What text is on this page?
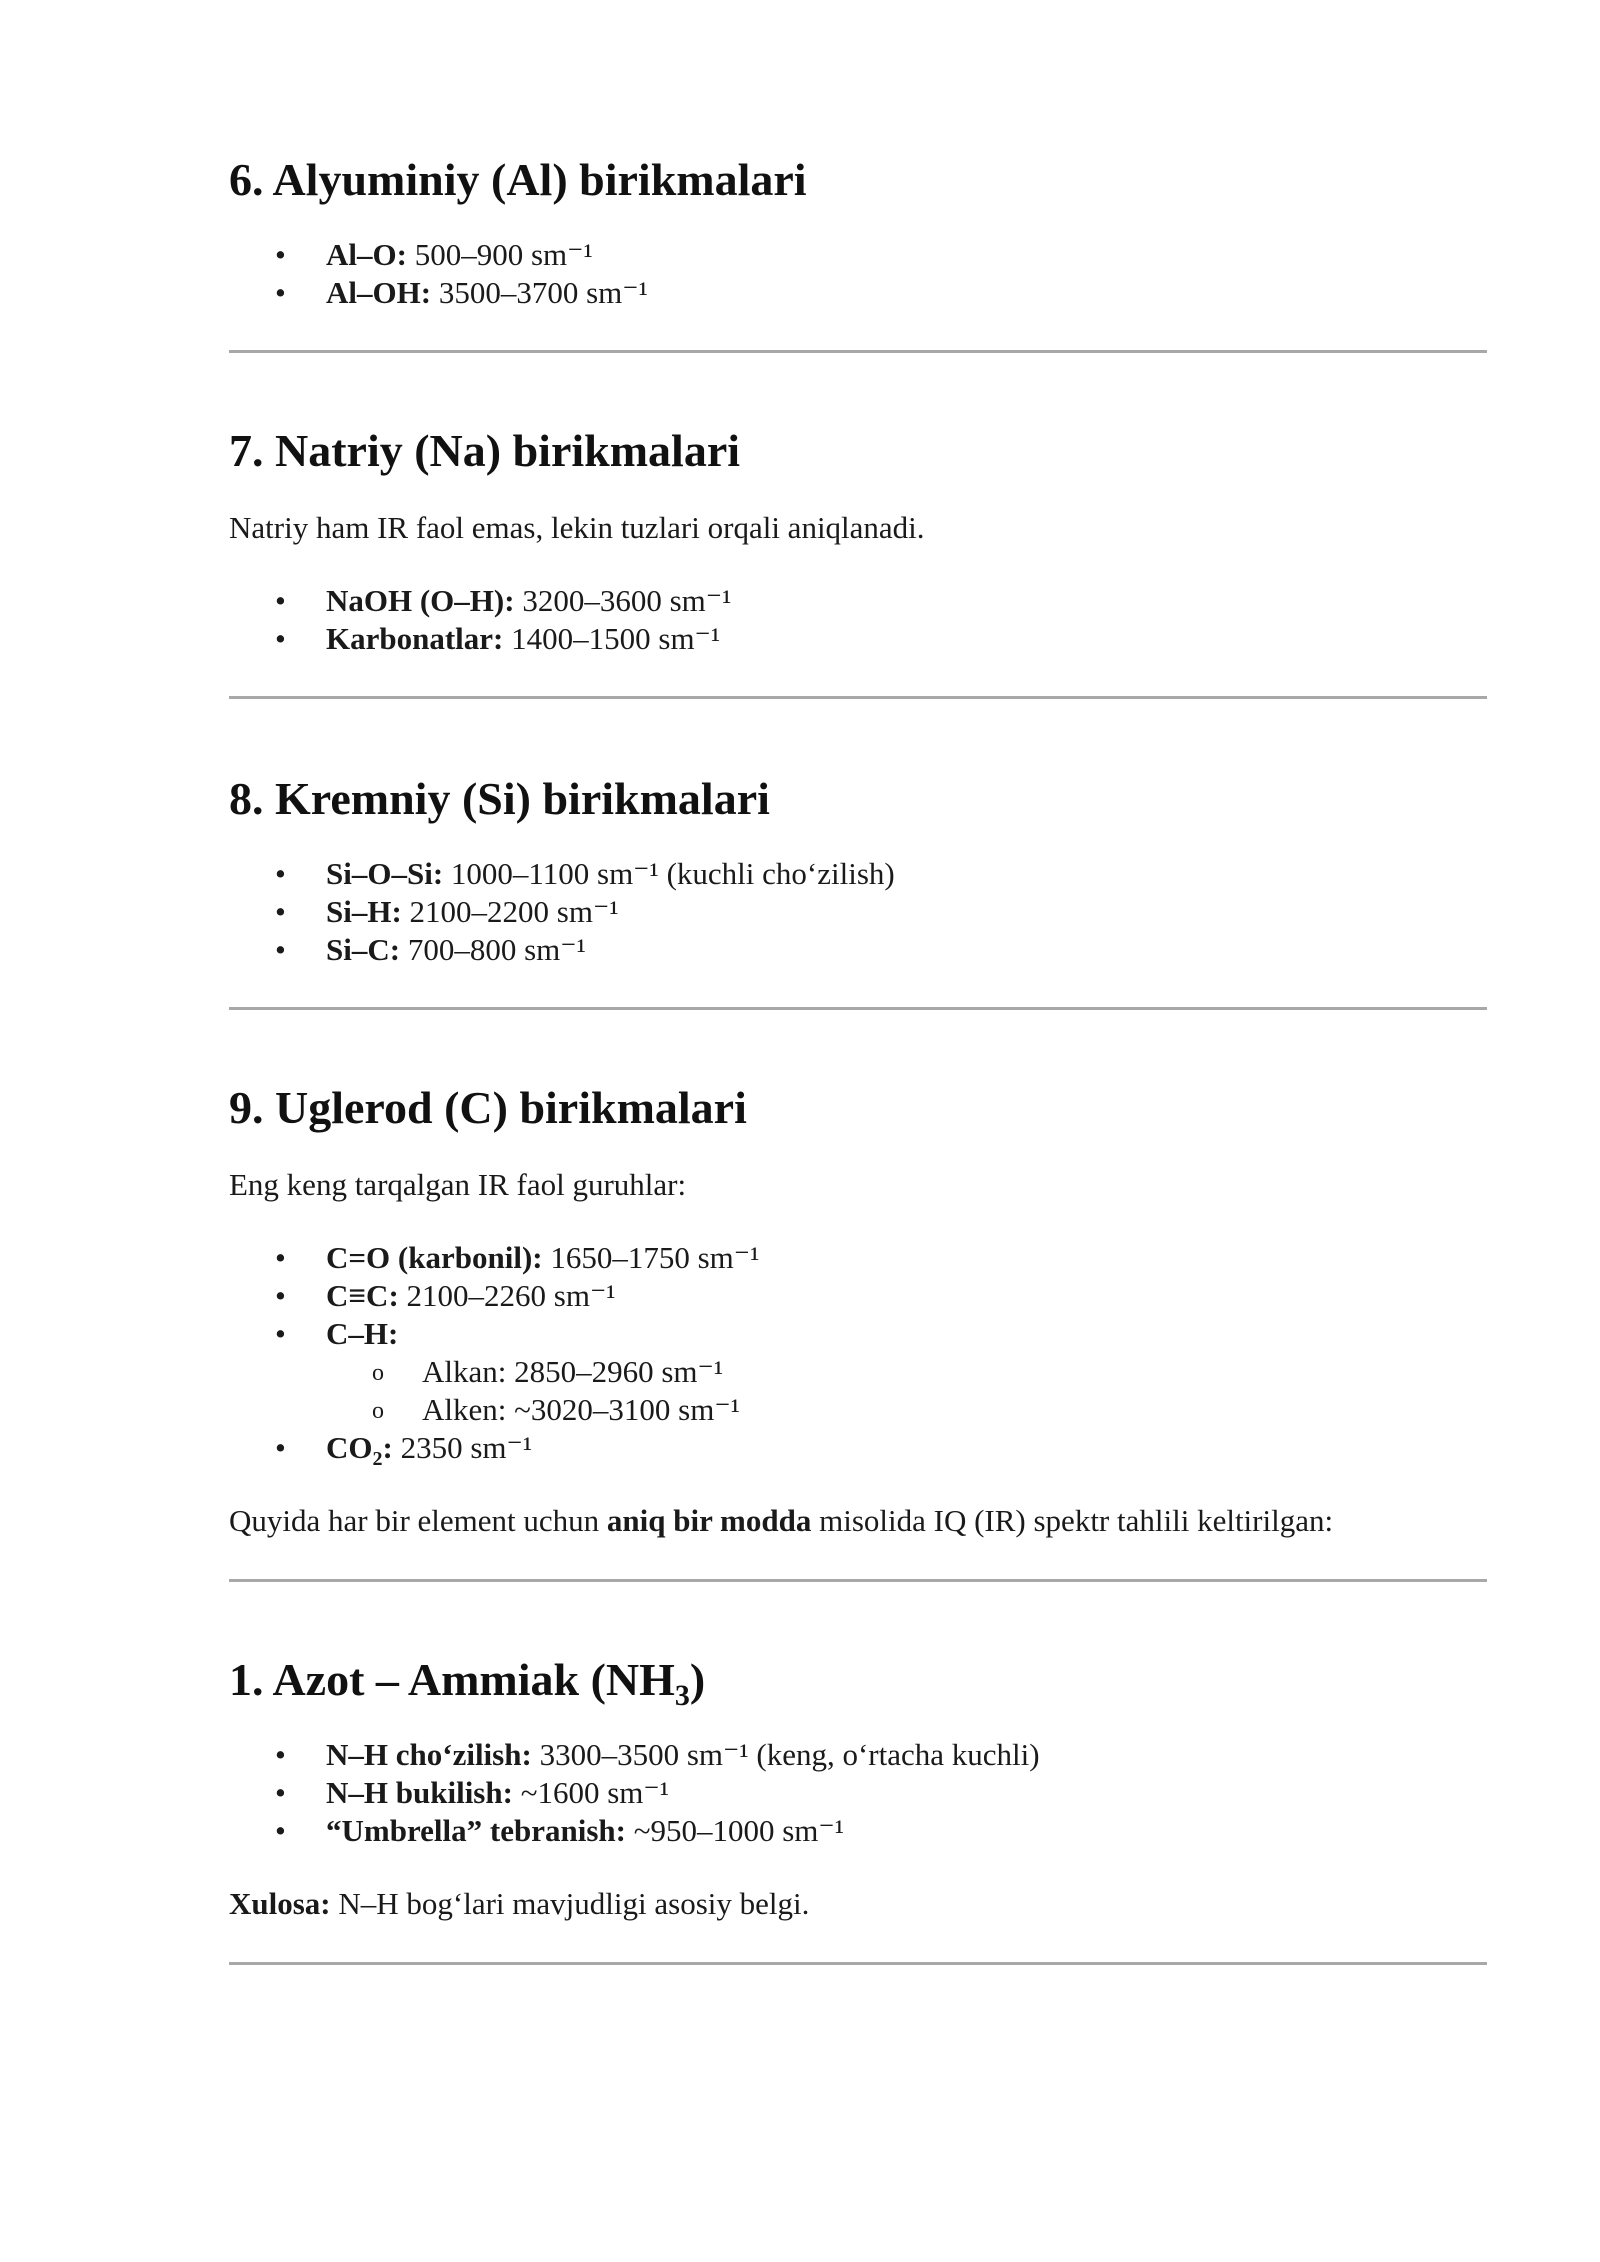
6. Alyuminiy (Al) birikmalari
• Al–O: 500–900 sm⁻¹
• Al–OH: 3500–3700 sm⁻¹
7. Natriy (Na) birikmalari

Natriy ham IR faol emas, lekin tuzlari orqali aniqlanadi.

• NaOH (O–H): 3200–3600 sm⁻¹
• Karbonatlar: 1400–1500 sm⁻¹
8. Kremniy (Si) birikmalari
• Si–O–Si: 1000–1100 sm⁻¹ (kuchli cho‘zilish)
• Si–H: 2100–2200 sm⁻¹
• Si–C: 700–800 sm⁻¹
9. Uglerod (C) birikmalari

Eng keng tarqalgan IR faol guruhlar:

• C=O (karbonil): 1650–1750 sm⁻¹
• C≡C: 2100–2260 sm⁻¹
• C–H:
o Alkan: 2850–2960 sm⁻¹
o Alken: ~3020–3100 sm⁻¹
• $CO_2$: 2350 sm⁻¹

Quyida har bir element uchun aniq bir modda misolida IQ (IR) spektr tahlili keltirilgan:

1. Azot – Ammiak $(NH_3)$
• N–H cho‘zilish: 3300–3500 sm⁻¹ (keng, o‘rtacha kuchli)
• N–H bukilish: ~1600 sm⁻¹
• “Umbrella” tebranish: ~950–1000 sm⁻¹

Xulosa: N–H bog‘lari mavjudligi asosiy belgi.
